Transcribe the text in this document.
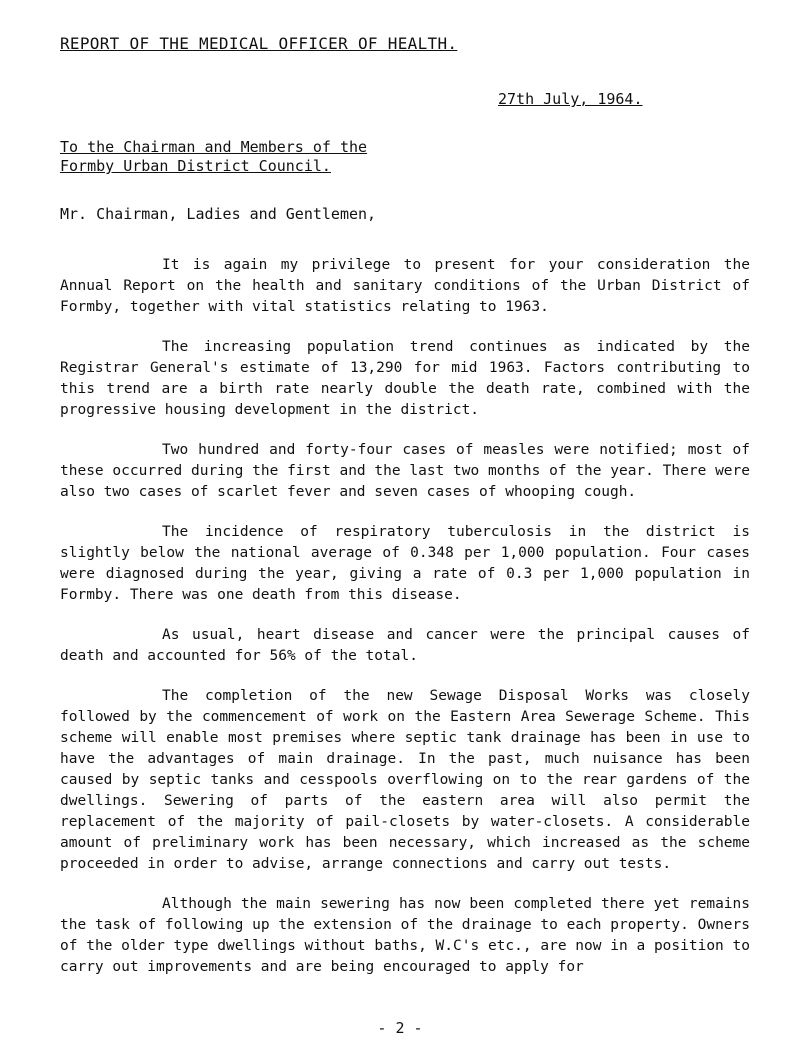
REPORT OF THE MEDICAL OFFICER OF HEALTH.
27th July, 1964.
To the Chairman and Members of the
Formby Urban District Council.
Mr. Chairman, Ladies and Gentlemen,

It is again my privilege to present for your consideration the Annual Report on the health and sanitary conditions of the Urban District of Formby, together with vital statistics relating to 1963.

The increasing population trend continues as indicated by the Registrar General's estimate of 13,290 for mid 1963. Factors contributing to this trend are a birth rate nearly double the death rate, combined with the progressive housing development in the district.

Two hundred and forty-four cases of measles were notified; most of these occurred during the first and the last two months of the year. There were also two cases of scarlet fever and seven cases of whooping cough.

The incidence of respiratory tuberculosis in the district is slightly below the national average of 0.348 per 1,000 population. Four cases were diagnosed during the year, giving a rate of 0.3 per 1,000 population in Formby. There was one death from this disease.

As usual, heart disease and cancer were the principal causes of death and accounted for 56% of the total.

The completion of the new Sewage Disposal Works was closely followed by the commencement of work on the Eastern Area Sewerage Scheme. This scheme will enable most premises where septic tank drainage has been in use to have the advantages of main drainage. In the past, much nuisance has been caused by septic tanks and cesspools overflowing on to the rear gardens of the dwellings. Sewering of parts of the eastern area will also permit the replacement of the majority of pail-closets by water-closets. A considerable amount of preliminary work has been necessary, which increased as the scheme proceeded in order to advise, arrange connections and carry out tests.

Although the main sewering has now been completed there yet remains the task of following up the extension of the drainage to each property. Owners of the older type dwellings without baths, W.C's etc., are now in a position to carry out improvements and are being encouraged to apply for

- 2 -
